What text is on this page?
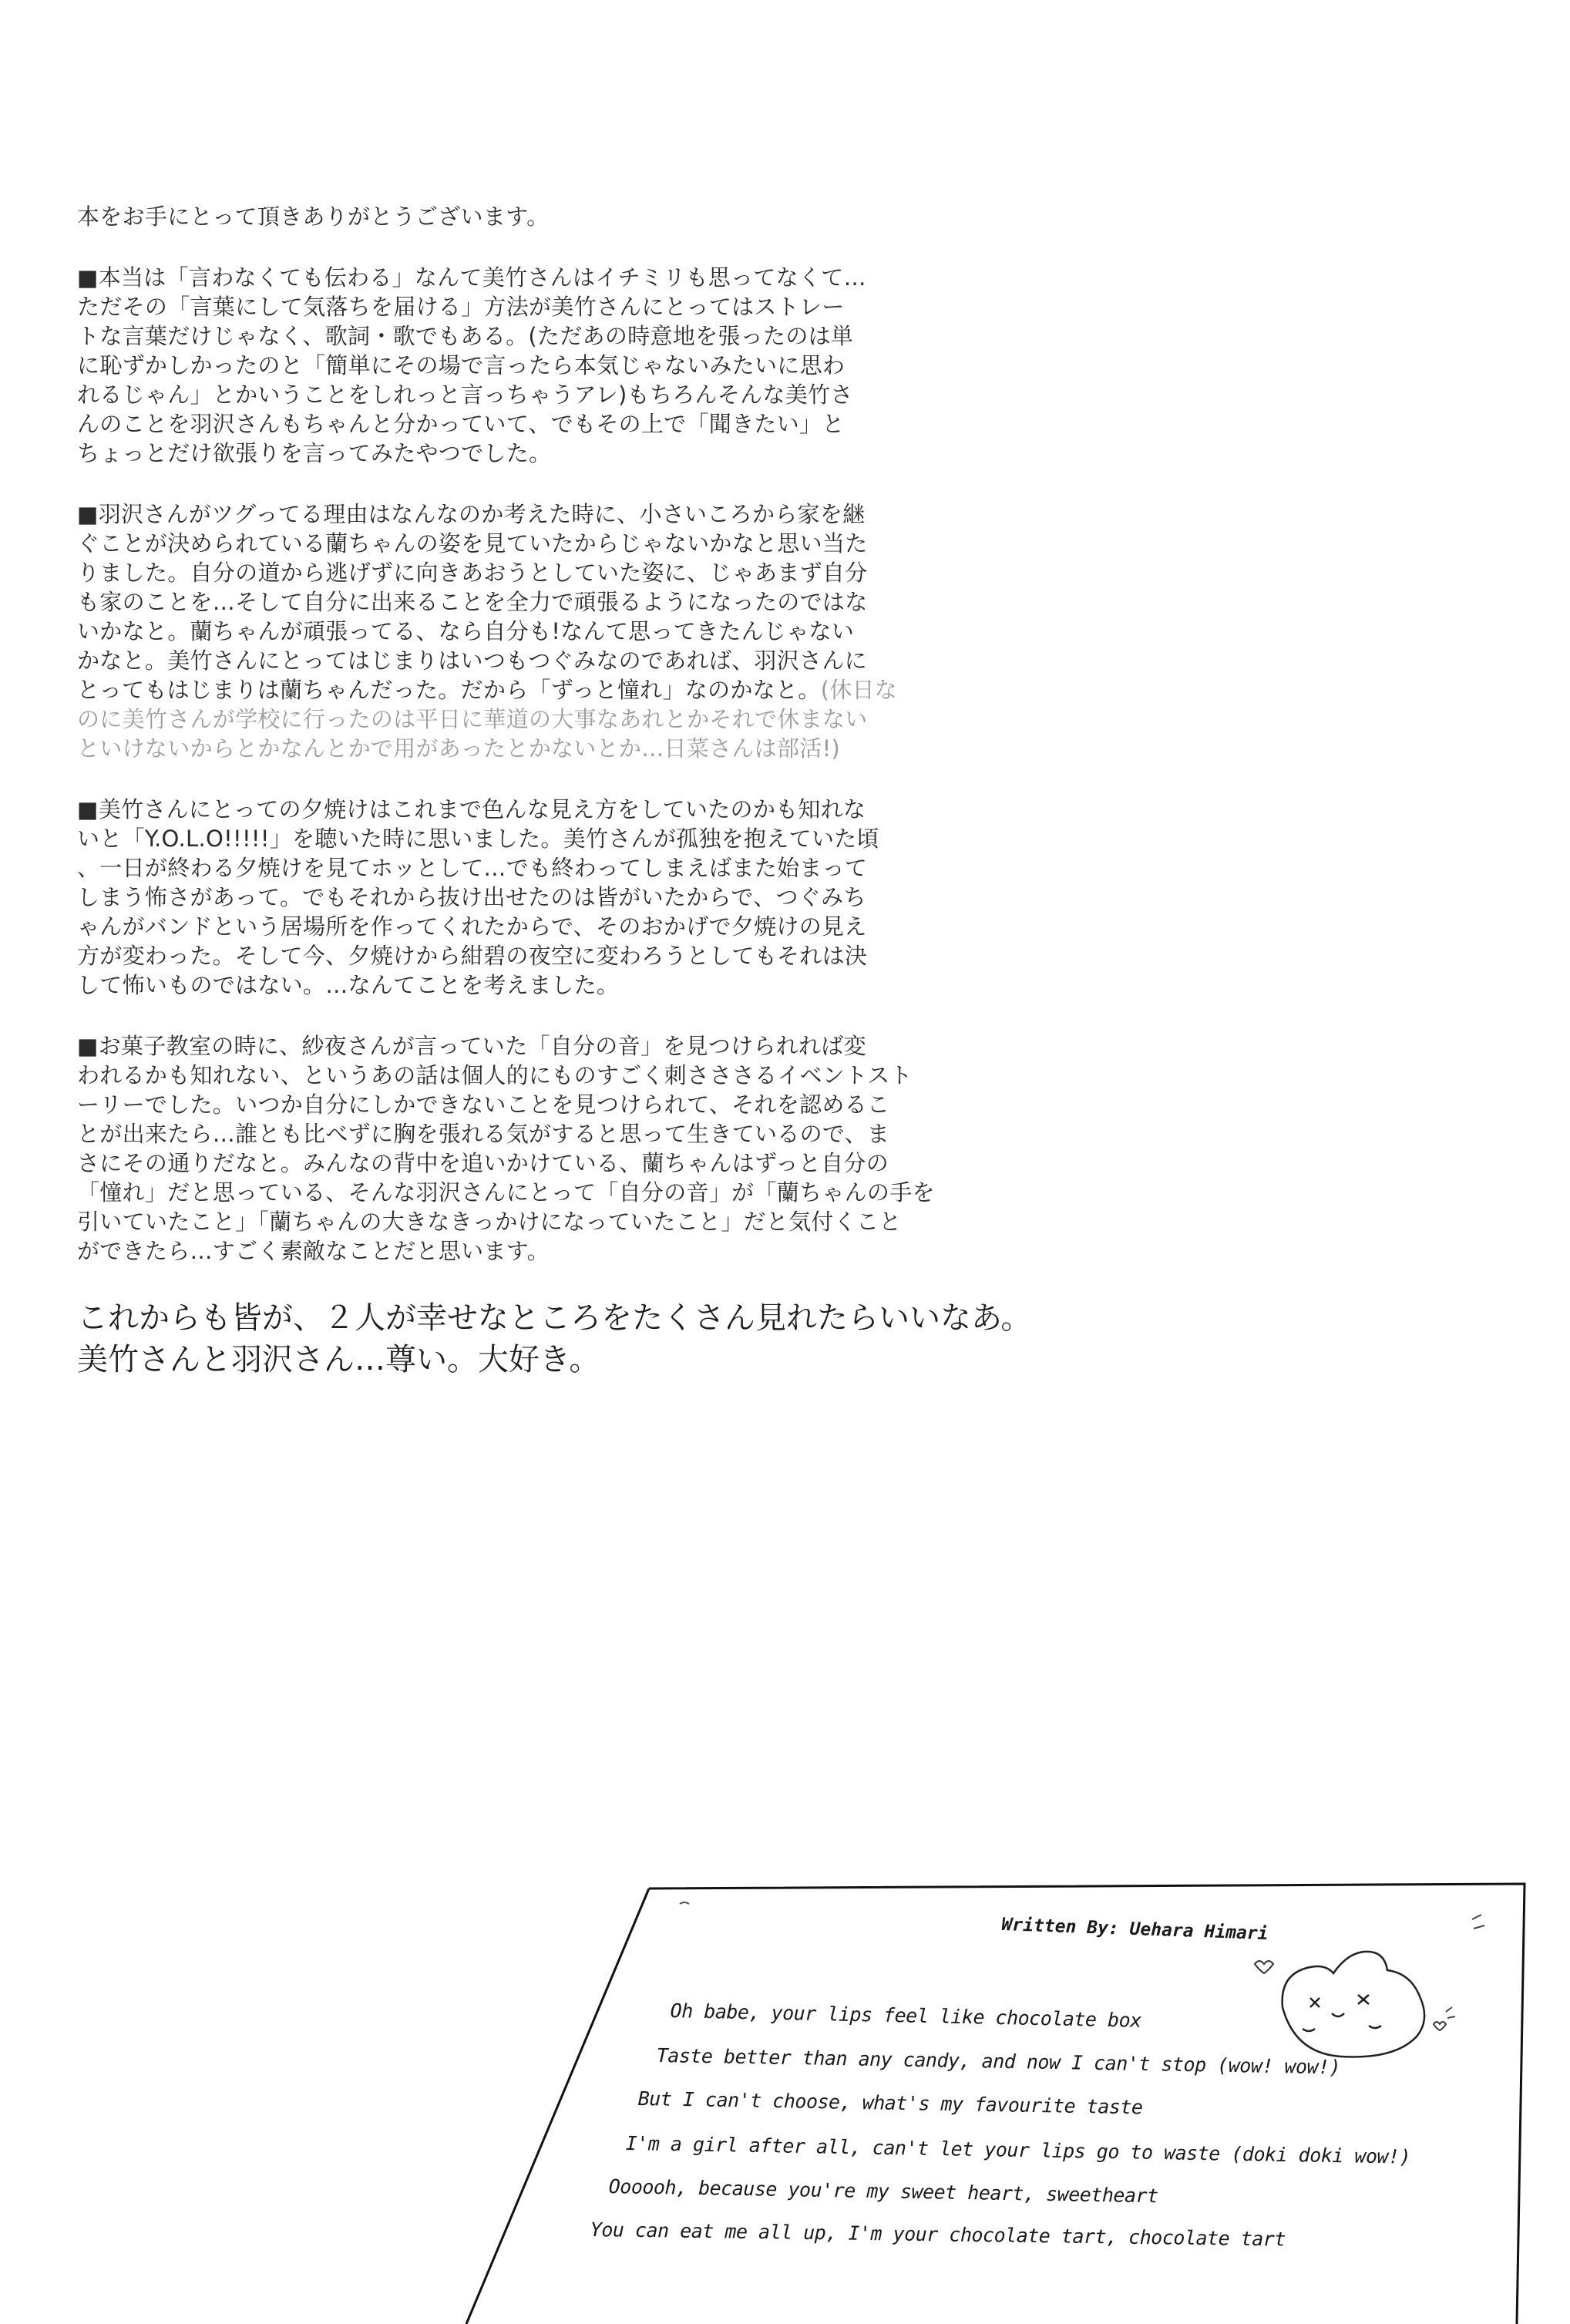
本をお手にとって頂きありがとうございます。

■本当は「言わなくても伝わる」なんて美竹さんはイチミリも思ってなくて…
ただその「言葉にして気落ちを届ける」方法が美竹さんにとってはストレー
トな言葉だけじゃなく、歌詞・歌でもある。(ただあの時意地を張ったのは単
に恥ずかしかったのと「簡単にその場で言ったら本気じゃないみたいに思わ
れるじゃん」とかいうことをしれっと言っちゃうアレ)もちろんそんな美竹さ
んのことを羽沢さんもちゃんと分かっていて、でもその上で「聞きたい」と
ちょっとだけ欲張りを言ってみたやつでした。

■羽沢さんがツグってる理由はなんなのか考えた時に、小さいころから家を継
ぐことが決められている蘭ちゃんの姿を見ていたからじゃないかなと思い当た
りました。自分の道から逃げずに向きあおうとしていた姿に、じゃあまず自分
も家のことを…そして自分に出来ることを全力で頑張るようになったのではな
いかなと。蘭ちゃんが頑張ってる、なら自分も!なんて思ってきたんじゃない
かなと。美竹さんにとってはじまりはいつもつぐみなのであれば、羽沢さんに
とってもはじまりは蘭ちゃんだった。だから「ずっと憧れ」なのかなと。(休日な
のに美竹さんが学校に行ったのは平日に華道の大事なあれとかそれで休まない
といけないからとかなんとかで用があったとかないとか…日菜さんは部活!)

■美竹さんにとっての夕焼けはこれまで色んな見え方をしていたのかも知れな
いと「Y.O.L.O!!!!!」を聴いた時に思いました。美竹さんが孤独を抱えていた頃
、一日が終わる夕焼けを見てホッとして…でも終わってしまえばまた始まって
しまう怖さがあって。でもそれから抜け出せたのは皆がいたからで、つぐみち
ゃんがバンドという居場所を作ってくれたからで、そのおかげで夕焼けの見え
方が変わった。そして今、夕焼けから紺碧の夜空に変わろうとしてもそれは決
して怖いものではない。…なんてことを考えました。

■お菓子教室の時に、紗夜さんが言っていた「自分の音」を見つけられれば変
われるかも知れない、というあの話は個人的にものすごく刺さささるイベントスト
ーリーでした。いつか自分にしかできないことを見つけられて、それを認めるこ
とが出来たら…誰とも比べずに胸を張れる気がすると思って生きているので、ま
さにその通りだなと。みんなの背中を追いかけている、蘭ちゃんはずっと自分の
「憧れ」だと思っている、そんな羽沢さんにとって「自分の音」が「蘭ちゃんの手を
引いていたこと」「蘭ちゃんの大きなきっかけになっていたこと」だと気付くこと
ができたら…すごく素敵なことだと思います。

これからも皆が、２人が幸せなところをたくさん見れたらいいなあ。
美竹さんと羽沢さん…尊い。大好き。
Written By: Uehara Himari
Oh babe, your lips feel like chocolate box
Taste better than any candy, and now I can't stop (wow! wow!)
But I can't choose, what's my favourite taste
I'm a girl after all, can't let your lips go to waste (doki doki wow!)
Oooooh, because you're my sweet heart, sweetheart
You can eat me all up, I'm your chocolate tart, chocolate tart
